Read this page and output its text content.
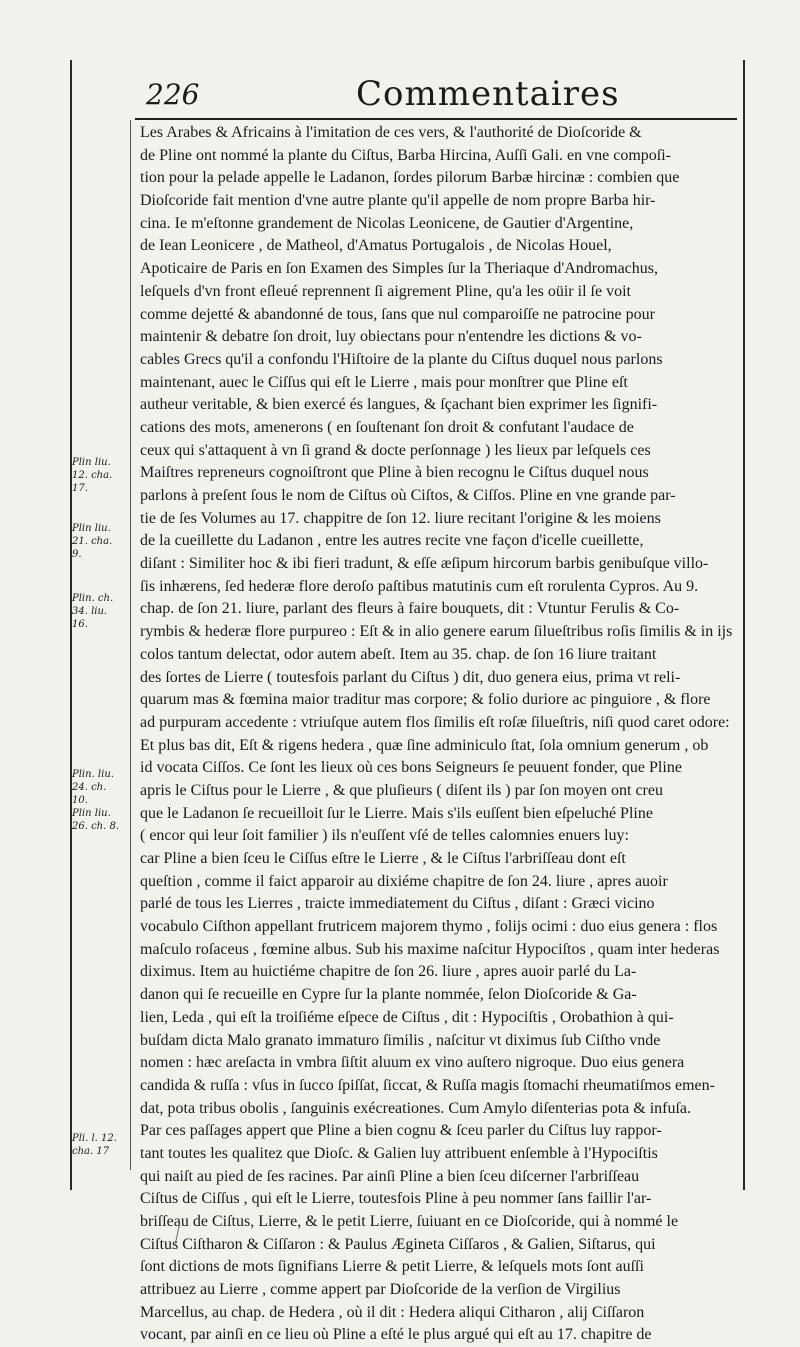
226	Commentaires
Plin liu.
12. cha.
17.
Plin liu.
21. cha.
9.
Plin. ch.
34. liu.
16.
Plin. liu.
24. ch.
10.
Plin liu.
26. ch. 8.
Pli. l. 12.
cha. 17
Les Arabes & Africains à l'imitation de ces vers, & l'authorité de Dioſcoride &
de Pline ont nommé la plante du Ciſtus, Barba Hircina, Auſſi Gali. en vne compoſi-
tion pour la pelade appelle le Ladanon, ſordes pilorum Barbæ hircinæ : combien que
Dioſcoride fait mention d'vne autre plante qu'il appelle de nom propre Barba hir-
cina. Ie m'eſtonne grandement de Nicolas Leonicene, de Gautier d'Argentine,
de Iean Leonicere , de Matheol, d'Amatus Portugalois , de Nicolas Houel,
Apoticaire de Paris en ſon Examen des Simples ſur la Theriaque d'Andromachus,
leſquels d'vn front eſleué reprennent ſi aigrement Pline, qu'a les oüir il ſe voit
comme dejetté & abandonné de tous, ſans que nul comparoiſſe ne patrocine pour
maintenir & debatre ſon droit, luy obiectans pour n'entendre les dictions & vo-
cables Grecs qu'il a confondu l'Hiſtoire de la plante du Ciſtus duquel nous parlons
maintenant, auec le Ciſſus qui eſt le Lierre , mais pour monſtrer que Pline eſt
autheur veritable, & bien exercé és langues, & ſçachant bien exprimer les ſignifi-
cations des mots, amenerons ( en ſouſtenant ſon droit & confutant l'audace de
ceux qui s'attaquent à vn ſi grand & docte perſonnage ) les lieux par leſquels ces
Maiſtres repreneurs cognoiſtront que Pline à bien recognu le Ciſtus duquel nous
parlons à preſent ſous le nom de Ciſtus où Ciſtos, & Ciſſos. Pline en vne grande par-
tie de ſes Volumes au 17. chappitre de ſon 12. liure recitant l'origine & les moiens
de la cueillette du Ladanon , entre les autres recite vne façon d'icelle cueillette,
diſant : Similiter hoc & ibi fieri tradunt, & eſſe æſipum hircorum barbis genibuſque villo-
ſis inhærens, ſed hederæ flore deroſo paſtibus matutinis cum eſt rorulenta Cypros. Au 9.
chap. de ſon 21. liure, parlant des fleurs à faire bouquets, dit : Vtuntur Ferulis & Co-
rymbis & hederæ flore purpureo : Eſt & in alio genere earum ſilueſtribus roſis ſimilis & in ijs
colos tantum delectat, odor autem abeſt. Item au 35. chap. de ſon 16 liure traitant
des ſortes de Lierre ( toutesfois parlant du Ciſtus ) dit, duo genera eius, prima vt reli-
quarum mas & fœmina maior traditur mas corpore; & folio duriore ac pinguiore , & flore
ad purpuram accedente : vtriuſque autem flos ſimilis eſt roſæ ſilueſtris, niſi quod caret odore:
Et plus bas dit, Eſt & rigens hedera , quæ ſine adminiculo ſtat, ſola omnium generum , ob
id vocata Ciſſos. Ce ſont les lieux où ces bons Seigneurs ſe peuuent fonder, que Pline
apris le Ciſtus pour le Lierre , & que pluſieurs ( diſent ils ) par ſon moyen ont creu
que le Ladanon ſe recueilloit ſur le Lierre. Mais s'ils euſſent bien eſpeluché Pline
( encor qui leur ſoit familier ) ils n'euſſent vſé de telles calomnies enuers luy:
car Pline a bien ſceu le Ciſſus eſtre le Lierre , & le Ciſtus l'arbriſſeau dont eſt
queſtion , comme il faict apparoir au dixiéme chapitre de ſon 24. liure , apres auoir
parlé de tous les Lierres , traicte immediatement du Ciſtus , diſant : Græci vicino
vocabulo Ciſthon appellant frutricem majorem thymo , folijs ocimi : duo eius genera : flos
maſculo roſaceus , fœmine albus. Sub his maxime naſcitur Hypociſtos , quam inter hederas
diximus. Item au huictiéme chapitre de ſon 26. liure , apres auoir parlé du La-
danon qui ſe recueille en Cypre ſur la plante nommée, ſelon Dioſcoride & Ga-
lien, Leda , qui eſt la troiſiéme eſpece de Ciſtus , dit : Hypociſtis , Orobathion à qui-
buſdam dicta Malo granato immaturo ſimilis , naſcitur vt diximus ſub Ciſtho vnde
nomen : hæc areſacta in vmbra ſiſtit aluum ex vino auſtero nigroque. Duo eius genera
candida & ruſſa : vſus in ſucco ſpiſſat, ſiccat, & Ruſſa magis ſtomachi rheumatiſmos emen-
dat, pota tribus obolis , ſanguinis exécreationes. Cum Amylo diſenterias pota & infuſa.
Par ces paſſages appert que Pline a bien cognu & ſceu parler du Ciſtus luy rappor-
tant toutes les qualitez que Dioſc. & Galien luy attribuent enſemble à l'Hypociſtis
qui naiſt au pied de ſes racines. Par ainſi Pline a bien ſceu diſcerner l'arbriſſeau
Ciſtus de Ciſſus , qui eſt le Lierre, toutesfois Pline à peu nommer ſans faillir l'ar-
briſſeau de Ciſtus, Lierre, & le petit Lierre, ſuiuant en ce Dioſcoride, qui à nommé le
Ciſtus Ciſtharon & Ciſſaron : & Paulus Ægineta Ciſſaros , & Galien, Siſtarus, qui
ſont dictions de mots ſignifians Lierre & petit Lierre, & leſquels mots ſont auſſi
attribuez au Lierre , comme appert par Dioſcoride de la verſion de Virgilius
Marcellus, au chap. de Hedera , où il dit : Hedera aliqui Citharon , alij Ciſſaron
vocant, par ainſi en ce lieu où Pline a eſté le plus argué qui eſt au 17. chapitre de
